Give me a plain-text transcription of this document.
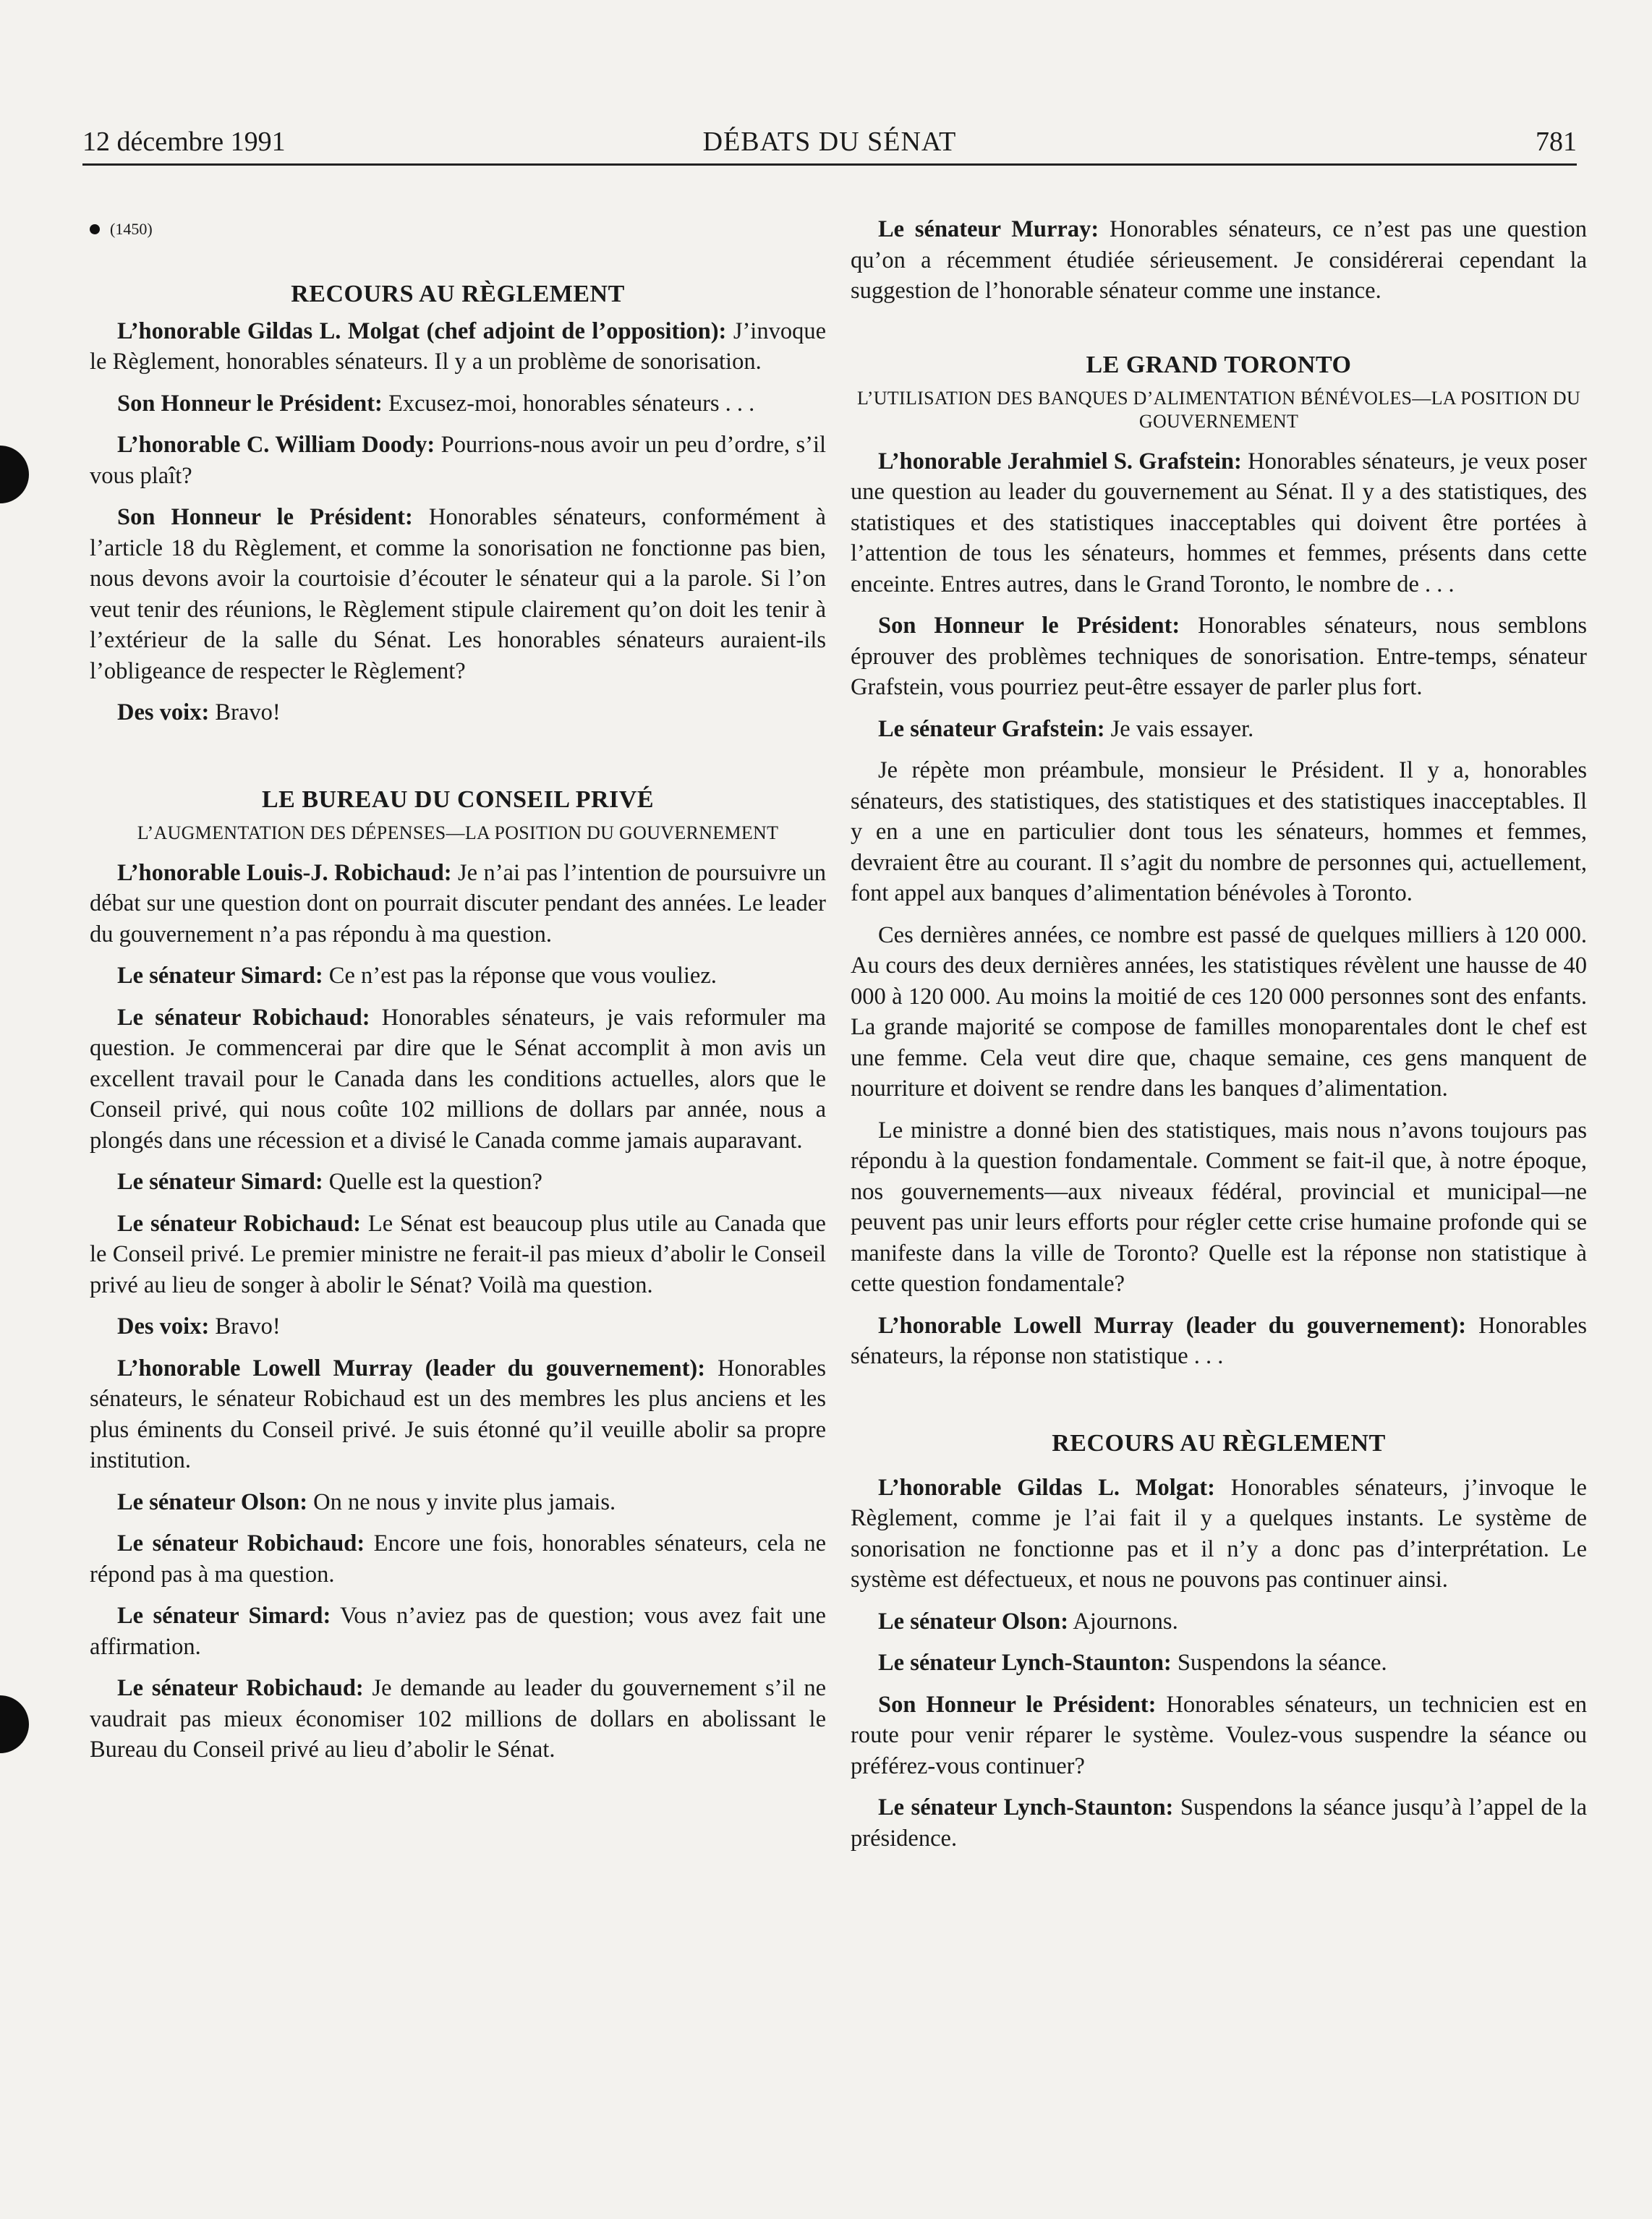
12 décembre 1991	DÉBATS DU SÉNAT	781
(1450)
RECOURS AU RÈGLEMENT

L’honorable Gildas L. Molgat (chef adjoint de l’opposition): J’invoque le Règlement, honorables sénateurs. Il y a un problème de sonorisation.

Son Honneur le Président: Excusez-moi, honorables sénateurs . . .

L’honorable C. William Doody: Pourrions-nous avoir un peu d’ordre, s’il vous plaît?

Son Honneur le Président: Honorables sénateurs, conformément à l’article 18 du Règlement, et comme la sonorisation ne fonctionne pas bien, nous devons avoir la courtoisie d’écouter le sénateur qui a la parole. Si l’on veut tenir des réunions, le Règlement stipule clairement qu’on doit les tenir à l’extérieur de la salle du Sénat. Les honorables sénateurs auraient-ils l’obligeance de respecter le Règlement?

Des voix: Bravo!

LE BUREAU DU CONSEIL PRIVÉ
L’AUGMENTATION DES DÉPENSES—LA POSITION DU GOUVERNEMENT

L’honorable Louis-J. Robichaud: Je n’ai pas l’intention de poursuivre un débat sur une question dont on pourrait discuter pendant des années. Le leader du gouvernement n’a pas répondu à ma question.

Le sénateur Simard: Ce n’est pas la réponse que vous vouliez.

Le sénateur Robichaud: Honorables sénateurs, je vais reformuler ma question. Je commencerai par dire que le Sénat accomplit à mon avis un excellent travail pour le Canada dans les conditions actuelles, alors que le Conseil privé, qui nous coûte 102 millions de dollars par année, nous a plongés dans une récession et a divisé le Canada comme jamais auparavant.

Le sénateur Simard: Quelle est la question?

Le sénateur Robichaud: Le Sénat est beaucoup plus utile au Canada que le Conseil privé. Le premier ministre ne ferait-il pas mieux d’abolir le Conseil privé au lieu de songer à abolir le Sénat? Voilà ma question.

Des voix: Bravo!

L’honorable Lowell Murray (leader du gouvernement): Honorables sénateurs, le sénateur Robichaud est un des membres les plus anciens et les plus éminents du Conseil privé. Je suis étonné qu’il veuille abolir sa propre institution.

Le sénateur Olson: On ne nous y invite plus jamais.

Le sénateur Robichaud: Encore une fois, honorables sénateurs, cela ne répond pas à ma question.

Le sénateur Simard: Vous n’aviez pas de question; vous avez fait une affirmation.

Le sénateur Robichaud: Je demande au leader du gouvernement s’il ne vaudrait pas mieux économiser 102 millions de dollars en abolissant le Bureau du Conseil privé au lieu d’abolir le Sénat.

Le sénateur Murray: Honorables sénateurs, ce n’est pas une question qu’on a récemment étudiée sérieusement. Je considérerai cependant la suggestion de l’honorable sénateur comme une instance.

LE GRAND TORONTO
L’UTILISATION DES BANQUES D’ALIMENTATION BÉNÉVOLES—LA POSITION DU GOUVERNEMENT

L’honorable Jerahmiel S. Grafstein: Honorables sénateurs, je veux poser une question au leader du gouvernement au Sénat. Il y a des statistiques, des statistiques et des statistiques inacceptables qui doivent être portées à l’attention de tous les sénateurs, hommes et femmes, présents dans cette enceinte. Entres autres, dans le Grand Toronto, le nombre de . . .

Son Honneur le Président: Honorables sénateurs, nous semblons éprouver des problèmes techniques de sonorisation. Entre-temps, sénateur Grafstein, vous pourriez peut-être essayer de parler plus fort.

Le sénateur Grafstein: Je vais essayer.

Je répète mon préambule, monsieur le Président. Il y a, honorables sénateurs, des statistiques, des statistiques et des statistiques inacceptables. Il y en a une en particulier dont tous les sénateurs, hommes et femmes, devraient être au courant. Il s’agit du nombre de personnes qui, actuellement, font appel aux banques d’alimentation bénévoles à Toronto.

Ces dernières années, ce nombre est passé de quelques milliers à 120 000. Au cours des deux dernières années, les statistiques révèlent une hausse de 40 000 à 120 000. Au moins la moitié de ces 120 000 personnes sont des enfants. La grande majorité se compose de familles monoparentales dont le chef est une femme. Cela veut dire que, chaque semaine, ces gens manquent de nourriture et doivent se rendre dans les banques d’alimentation.

Le ministre a donné bien des statistiques, mais nous n’avons toujours pas répondu à la question fondamentale. Comment se fait-il que, à notre époque, nos gouvernements—aux niveaux fédéral, provincial et municipal—ne peuvent pas unir leurs efforts pour régler cette crise humaine profonde qui se manifeste dans la ville de Toronto? Quelle est la réponse non statistique à cette question fondamentale?

L’honorable Lowell Murray (leader du gouvernement): Honorables sénateurs, la réponse non statistique . . .

RECOURS AU RÈGLEMENT

L’honorable Gildas L. Molgat: Honorables sénateurs, j’invoque le Règlement, comme je l’ai fait il y a quelques instants. Le système de sonorisation ne fonctionne pas et il n’y a donc pas d’interprétation. Le système est défectueux, et nous ne pouvons pas continuer ainsi.

Le sénateur Olson: Ajournons.

Le sénateur Lynch-Staunton: Suspendons la séance.

Son Honneur le Président: Honorables sénateurs, un technicien est en route pour venir réparer le système. Voulez-vous suspendre la séance ou préférez-vous continuer?

Le sénateur Lynch-Staunton: Suspendons la séance jusqu’à l’appel de la présidence.
